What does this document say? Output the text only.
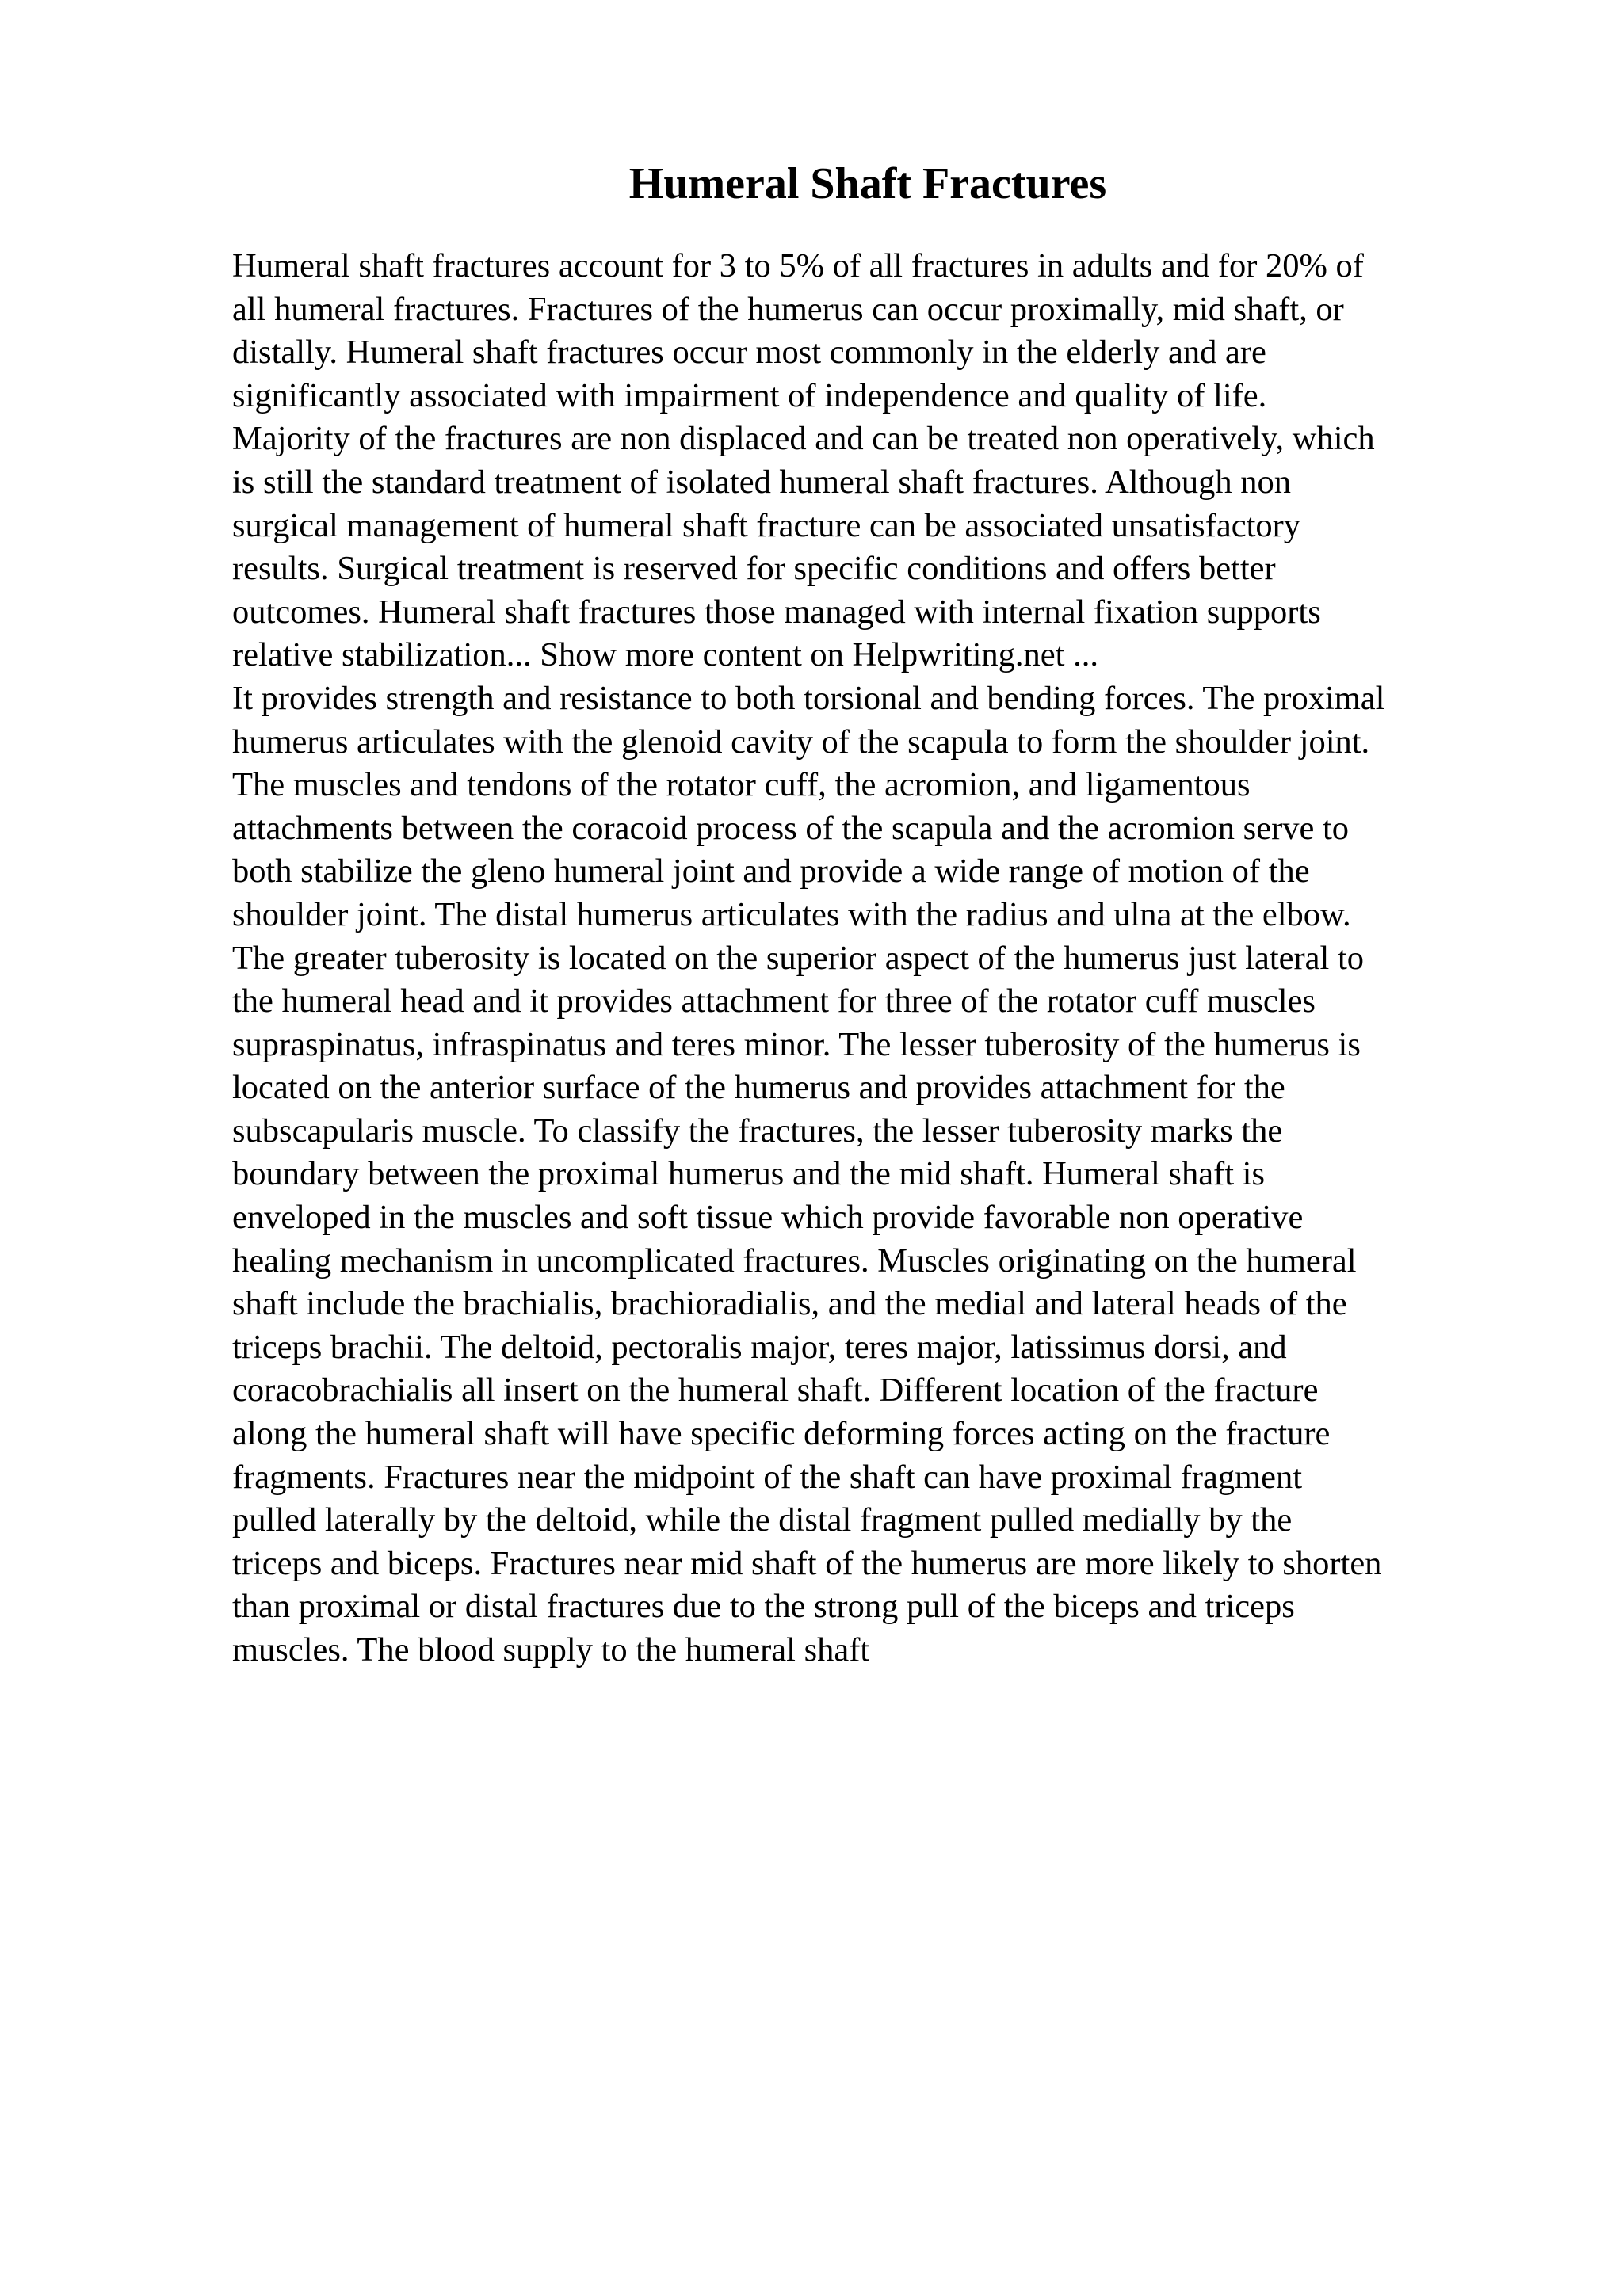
Humeral Shaft Fractures
Humeral shaft fractures account for 3 to 5% of all fractures in adults and for 20% of
all humeral fractures. Fractures of the humerus can occur proximally, mid shaft, or
distally. Humeral shaft fractures occur most commonly in the elderly and are
significantly associated with impairment of independence and quality of life.
Majority of the fractures are non displaced and can be treated non operatively, which
is still the standard treatment of isolated humeral shaft fractures. Although non
surgical management of humeral shaft fracture can be associated unsatisfactory
results. Surgical treatment is reserved for specific conditions and offers better
outcomes. Humeral shaft fractures those managed with internal fixation supports
relative stabilization... Show more content on Helpwriting.net ...
It provides strength and resistance to both torsional and bending forces. The proximal
humerus articulates with the glenoid cavity of the scapula to form the shoulder joint.
The muscles and tendons of the rotator cuff, the acromion, and ligamentous
attachments between the coracoid process of the scapula and the acromion serve to
both stabilize the gleno humeral joint and provide a wide range of motion of the
shoulder joint. The distal humerus articulates with the radius and ulna at the elbow.
The greater tuberosity is located on the superior aspect of the humerus just lateral to
the humeral head and it provides attachment for three of the rotator cuff muscles
supraspinatus, infraspinatus and teres minor. The lesser tuberosity of the humerus is
located on the anterior surface of the humerus and provides attachment for the
subscapularis muscle. To classify the fractures, the lesser tuberosity marks the
boundary between the proximal humerus and the mid shaft. Humeral shaft is
enveloped in the muscles and soft tissue which provide favorable non operative
healing mechanism in uncomplicated fractures. Muscles originating on the humeral
shaft include the brachialis, brachioradialis, and the medial and lateral heads of the
triceps brachii. The deltoid, pectoralis major, teres major, latissimus dorsi, and
coracobrachialis all insert on the humeral shaft. Different location of the fracture
along the humeral shaft will have specific deforming forces acting on the fracture
fragments. Fractures near the midpoint of the shaft can have proximal fragment
pulled laterally by the deltoid, while the distal fragment pulled medially by the
triceps and biceps. Fractures near mid shaft of the humerus are more likely to shorten
than proximal or distal fractures due to the strong pull of the biceps and triceps
muscles. The blood supply to the humeral shaft
